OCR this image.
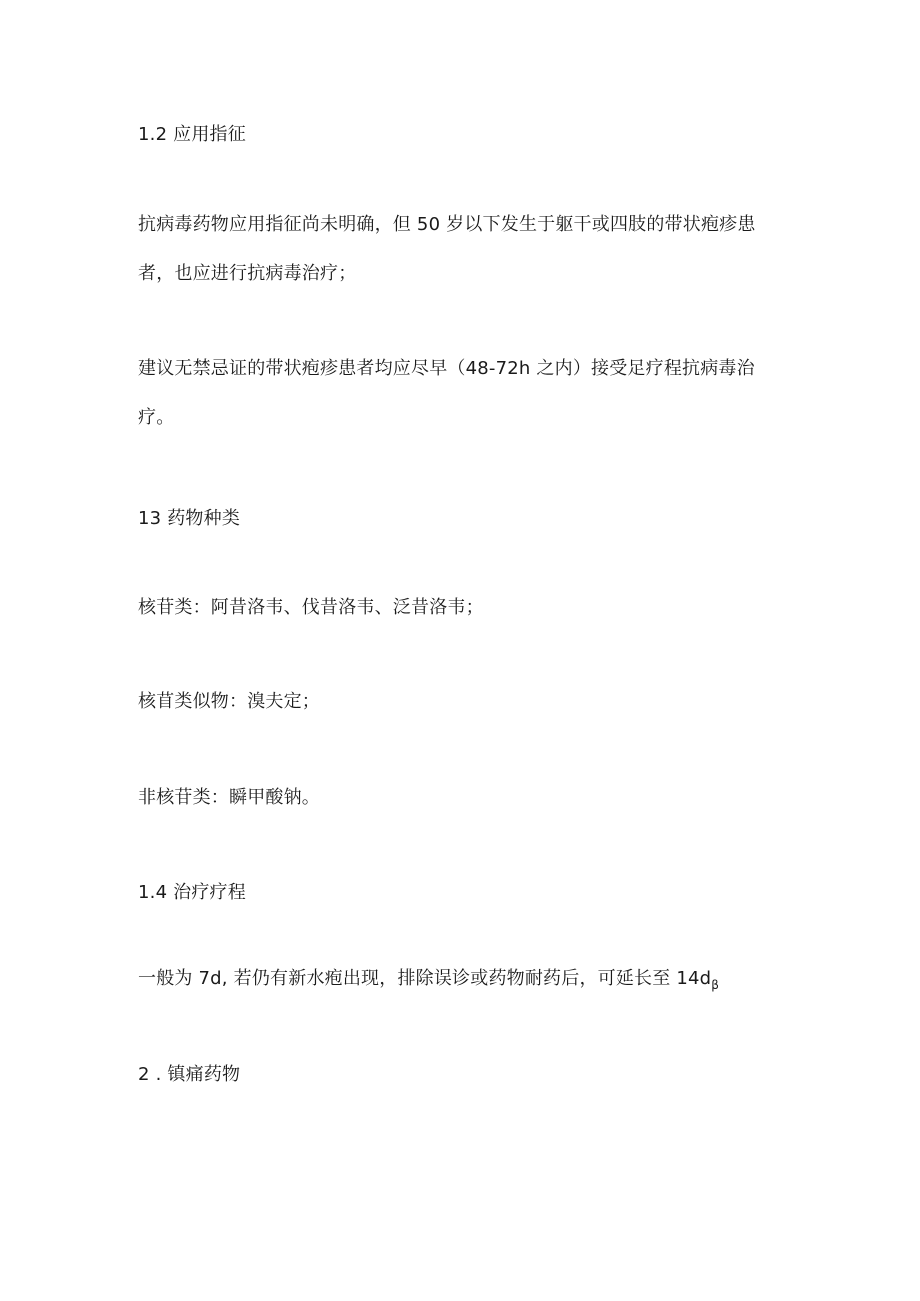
1.2 应用指征
抗病毒药物应用指征尚未明确，但 50 岁以下发生于躯干或四肢的带状疱疹患
者，也应进行抗病毒治疗；
建议无禁忌证的带状疱疹患者均应尽早（48-72h 之内）接受足疗程抗病毒治
疗。
13 药物种类
核苷类：阿昔洛韦、伐昔洛韦、泛昔洛韦；
核苜类似物：溴夫定；
非核苷类：瞬甲酸钠。
1.4 治疗疗程
一般为 7d, 若仍有新水疱出现，排除误诊或药物耐药后，可延长至 $14d_\beta$
2 . 镇痛药物
